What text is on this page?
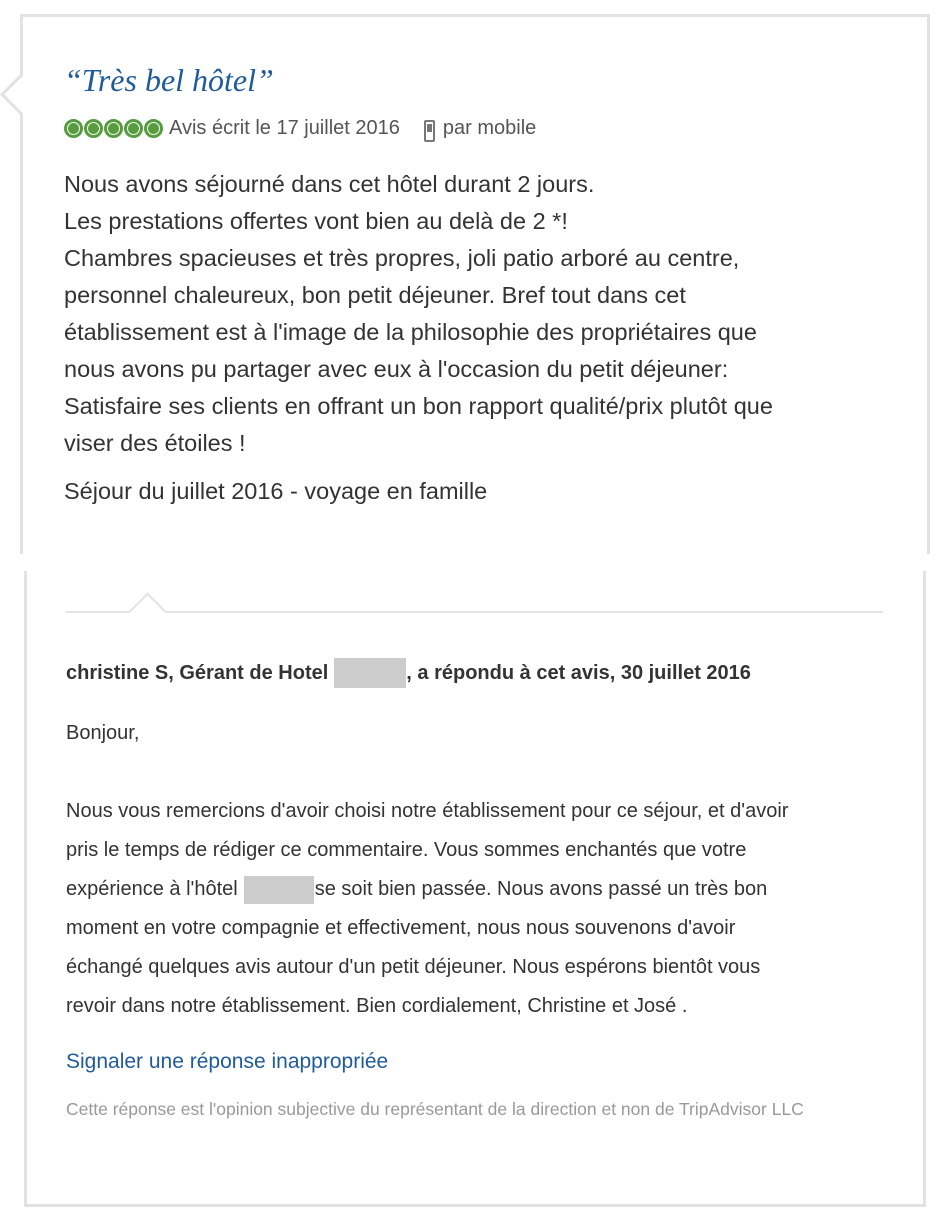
“Très bel hôtel”
Avis écrit le 17 juillet 2016 par mobile
Nous avons séjourné dans cet hôtel durant 2 jours.
Les prestations offertes vont bien au delà de 2 *!
Chambres spacieuses et très propres, joli patio arboré au centre,
personnel chaleureux, bon petit déjeuner. Bref tout dans cet
établissement est à l'image de la philosophie des propriétaires que
nous avons pu partager avec eux à l'occasion du petit déjeuner:
Satisfaire ses clients en offrant un bon rapport qualité/prix plutôt que
viser des étoiles !
Séjour du juillet 2016 - voyage en famille
christine S, Gérant de Hotel	, a répondu à cet avis, 30 juillet 2016
Bonjour,
Nous vous remercions d'avoir choisi notre établissement pour ce séjour, et d'avoir
pris le temps de rédiger ce commentaire. Vous sommes enchantés que votre
expérience à l'hôtel	se soit bien passée. Nous avons passé un très bon
moment en votre compagnie et effectivement, nous nous souvenons d'avoir
échangé quelques avis autour d'un petit déjeuner. Nous espérons bientôt vous
revoir dans notre établissement. Bien cordialement, Christine et José .
Signaler une réponse inappropriée
Cette réponse est l'opinion subjective du représentant de la direction et non de TripAdvisor LLC
